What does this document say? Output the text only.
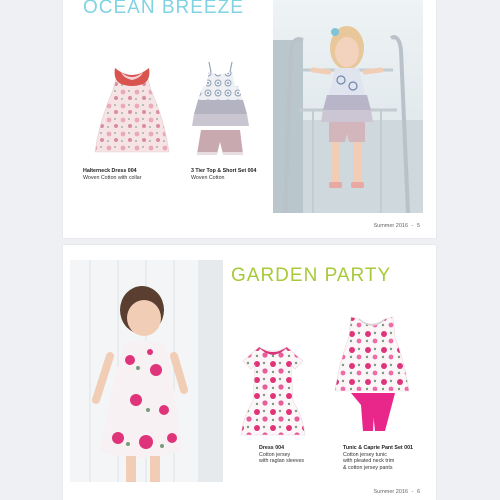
OCEAN BREEZE
Halterneck Dress 004
Woven Cotton with collar
3 Tier Top & Short Set 004
Woven Cotton
Summer 2016 - 5
GARDEN PARTY
Dress 004
Cotton jersey
with raglan sleeves
Tunic & Caprie Pant Set 001
Cotton jersey tunic
with pleated neck trim
& cotton jersey pants
Summer 2016 - 6
